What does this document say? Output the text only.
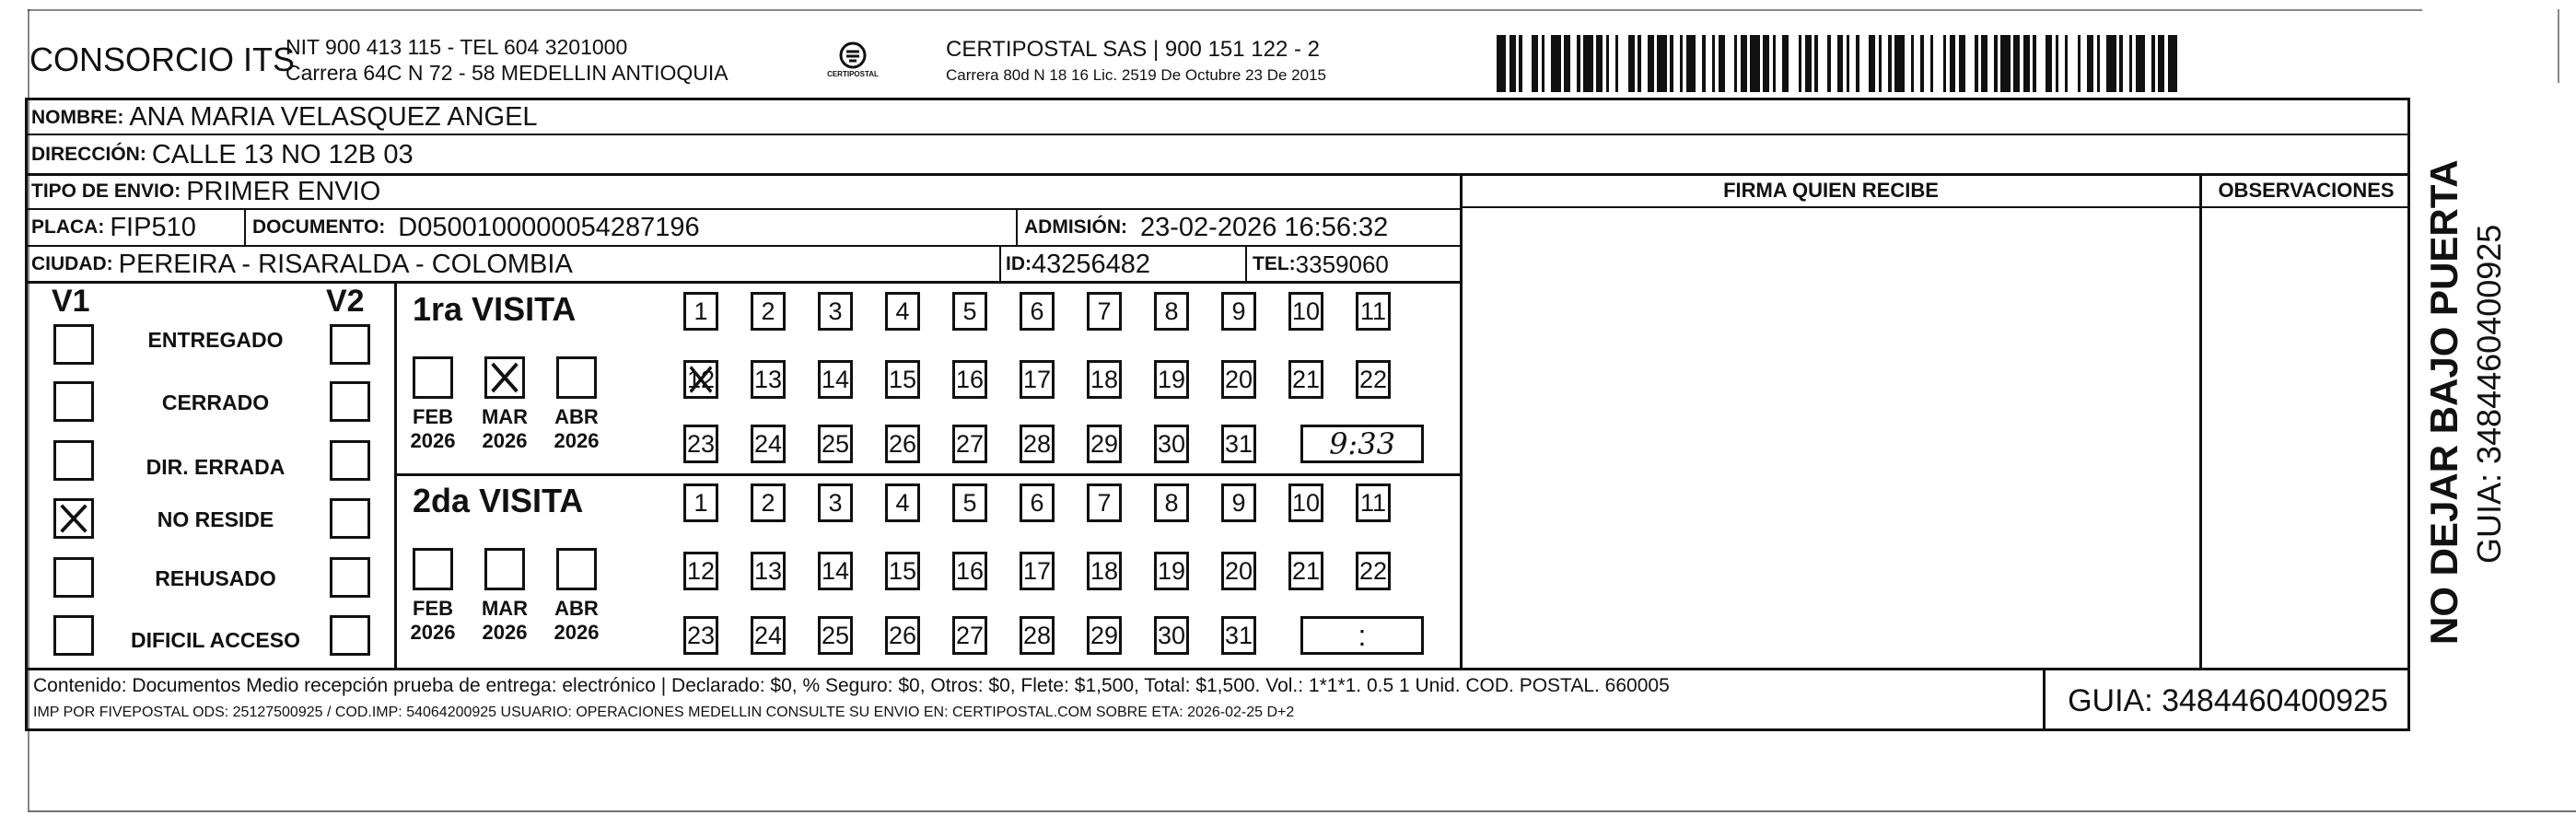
CONSORCIO ITS
NIT 900 413 115 - TEL 604 3201000
Carrera 64C N 72 - 58 MEDELLIN ANTIOQUIA	CERTIPOSTAL
CERTIPOSTAL SAS | 900 151 122 - 2
Carrera 80d N 18 16 Lic. 2519 De Octubre 23 De 2015
NOMBRE: ANA MARIA VELASQUEZ ANGEL
DIRECCIÓN: CALLE 13 NO 12B 03
TIPO DE ENVIO: PRIMER ENVIO
PLACA: FIP510	DOCUMENTO: D0500100000054287196	ADMISIÓN: 23-02-2026 16:56:32
CIUDAD: PEREIRA - RISARALDA - COLOMBIA	ID: 43256482	TEL: 3359060
FIRMA QUIEN RECIBE	OBSERVACIONES
V1	V2
ENTREGADO
CERRADO
DIR. ERRADA
NO RESIDE
REHUSADO
DIFICIL ACCESO
1ra VISITA
FEB
2026
MAR
2026
ABR
2026
1 2 3 4 5 6 7 8 9 10 11
12 13 14 15 16 17 18 19 20 21 22
23 24 25 26 27 28 29 30 31	9:33
2da VISITA
FEB
2026
MAR
2026
ABR
2026
1 2 3 4 5 6 7 8 9 10 11
12 13 14 15 16 17 18 19 20 21 22
23 24 25 26 27 28 29 30 31	:
Contenido: Documentos Medio recepción prueba de entrega: electrónico | Declarado: $0, % Seguro: $0, Otros: $0, Flete: $1,500, Total: $1,500. Vol.: 1*1*1. 0.5 1 Unid. COD. POSTAL. 660005
IMP POR FIVEPOSTAL ODS: 25127500925 / COD.IMP: 54064200925 USUARIO: OPERACIONES MEDELLIN CONSULTE SU ENVIO EN: CERTIPOSTAL.COM SOBRE ETA: 2026-02-25 D+2	GUIA: 3484460400925
NO DEJAR BAJO PUERTA GUIA: 3484460400925
